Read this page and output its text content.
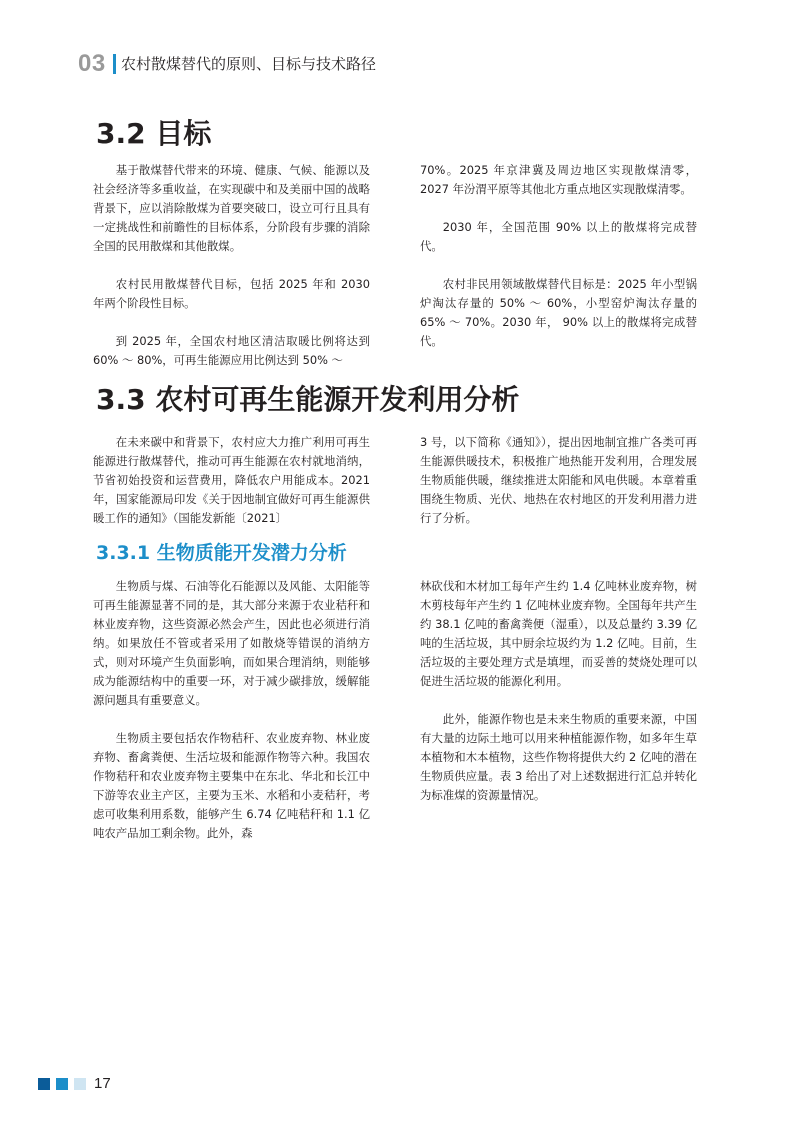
03 农村散煤替代的原则、目标与技术路径
3.2 目标

基于散煤替代带来的环境、健康、气候、能源以及社会经济等多重收益，在实现碳中和及美丽中国的战略背景下，应以消除散煤为首要突破口，设立可行且具有一定挑战性和前瞻性的目标体系，分阶段有步骤的消除全国的民用散煤和其他散煤。

农村民用散煤替代目标，包括 2025 年和 2030 年两个阶段性目标。

到 2025 年，全国农村地区清洁取暖比例将达到 60% ～ 80%，可再生能源应用比例达到 50% ～

70%。2025 年京津冀及周边地区实现散煤清零，2027 年汾渭平原等其他北方重点地区实现散煤清零。

2030 年，全国范围 90% 以上的散煤将完成替代。

农村非民用领域散煤替代目标是：2025 年小型锅炉淘汰存量的 50% ～ 60%，小型窑炉淘汰存量的 65% ～ 70%。2030 年， 90% 以上的散煤将完成替代。

3.3 农村可再生能源开发利用分析

在未来碳中和背景下，农村应大力推广利用可再生能源进行散煤替代，推动可再生能源在农村就地消纳，节省初始投资和运营费用，降低农户用能成本。2021 年，国家能源局印发《关于因地制宜做好可再生能源供暖工作的通知》（国能发新能〔2021〕

3 号，以下简称《通知》），提出因地制宜推广各类可再生能源供暖技术，积极推广地热能开发利用，合理发展生物质能供暖，继续推进太阳能和风电供暖。本章着重围绕生物质、光伏、地热在农村地区的开发利用潜力进行了分析。

3.3.1 生物质能开发潜力分析

生物质与煤、石油等化石能源以及风能、太阳能等可再生能源显著不同的是，其大部分来源于农业秸秆和林业废弃物，这些资源必然会产生，因此也必须进行消纳。如果放任不管或者采用了如散烧等错误的消纳方式，则对环境产生负面影响，而如果合理消纳，则能够成为能源结构中的重要一环，对于减少碳排放，缓解能源问题具有重要意义。

生物质主要包括农作物秸秆、农业废弃物、林业废弃物、畜禽粪便、生活垃圾和能源作物等六种。我国农作物秸秆和农业废弃物主要集中在东北、华北和长江中下游等农业主产区，主要为玉米、水稻和小麦秸秆，考虑可收集利用系数，能够产生 6.74 亿吨秸秆和 1.1 亿吨农产品加工剩余物。此外，森

林砍伐和木材加工每年产生约 1.4 亿吨林业废弃物，树木剪枝每年产生约 1 亿吨林业废弃物。全国每年共产生约 38.1 亿吨的畜禽粪便（湿重），以及总量约 3.39 亿吨的生活垃圾，其中厨余垃圾约为 1.2 亿吨。目前，生活垃圾的主要处理方式是填埋，而妥善的焚烧处理可以促进生活垃圾的能源化利用。

此外，能源作物也是未来生物质的重要来源，中国有大量的边际土地可以用来种植能源作物，如多年生草本植物和木本植物，这些作物将提供大约 2 亿吨的潜在生物质供应量。表 3 给出了对上述数据进行汇总并转化为标准煤的资源量情况。

17
